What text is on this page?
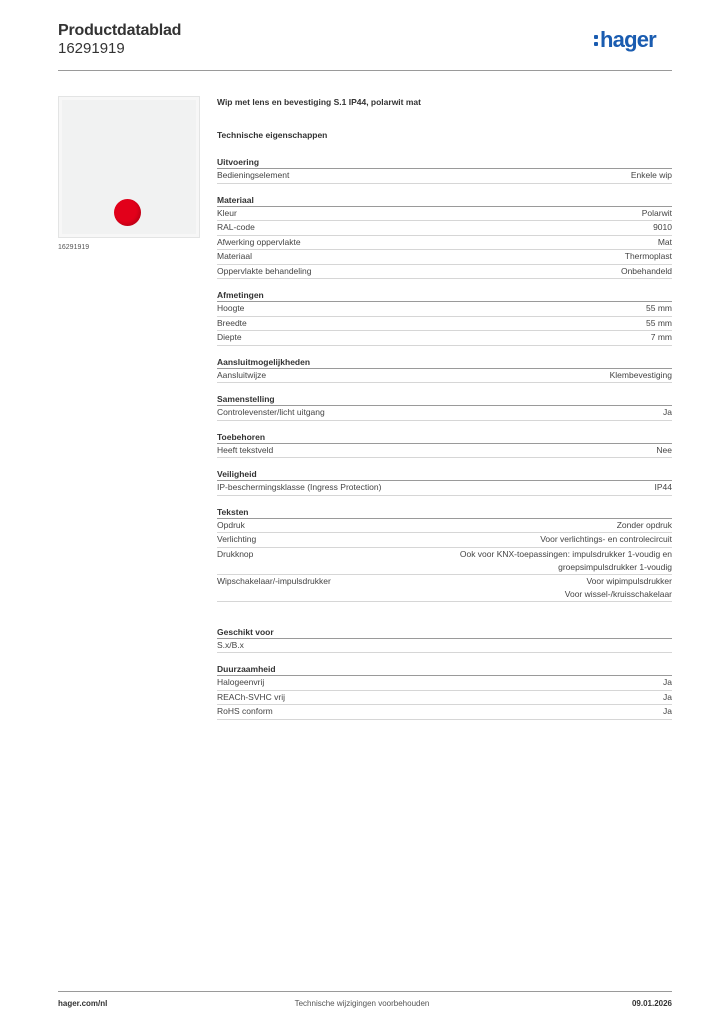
Productdatablad
16291919	hager
16291919
Wip met lens en bevestiging S.1 IP44, polarwit mat
Technische eigenschappen
Uitvoering
Bedieningselement	Enkele wip
Materiaal
Kleur	Polarwit
RAL-code	9010
Afwerking oppervlakte	Mat
Materiaal	Thermoplast
Oppervlakte behandeling	Onbehandeld
Afmetingen
Hoogte	55 mm
Breedte	55 mm
Diepte	7 mm
Aansluitmogelijkheden
Aansluitwijze	Klembevestiging
Samenstelling
Controlevenster/licht uitgang	Ja
Toebehoren
Heeft tekstveld	Nee
Veiligheid
IP-beschermingsklasse (Ingress Protection)	IP44
Teksten
Opdruk	Zonder opdruk
Verlichting	Voor verlichtings- en controlecircuit
Drukknop	Ook voor KNX-toepassingen: impulsdrukker 1-voudig en
groepsimpulsdrukker 1-voudig
Wipschakelaar/-impulsdrukker	Voor wipimpulsdrukker
Voor wissel-/kruisschakelaar
Geschikt voor
S.x/B.x
Duurzaamheid
Halogeenvrij	Ja
REACh-SVHC vrij	Ja
RoHS conform	Ja
hager.com/nl	Technische wijzigingen voorbehouden	09.01.2026
